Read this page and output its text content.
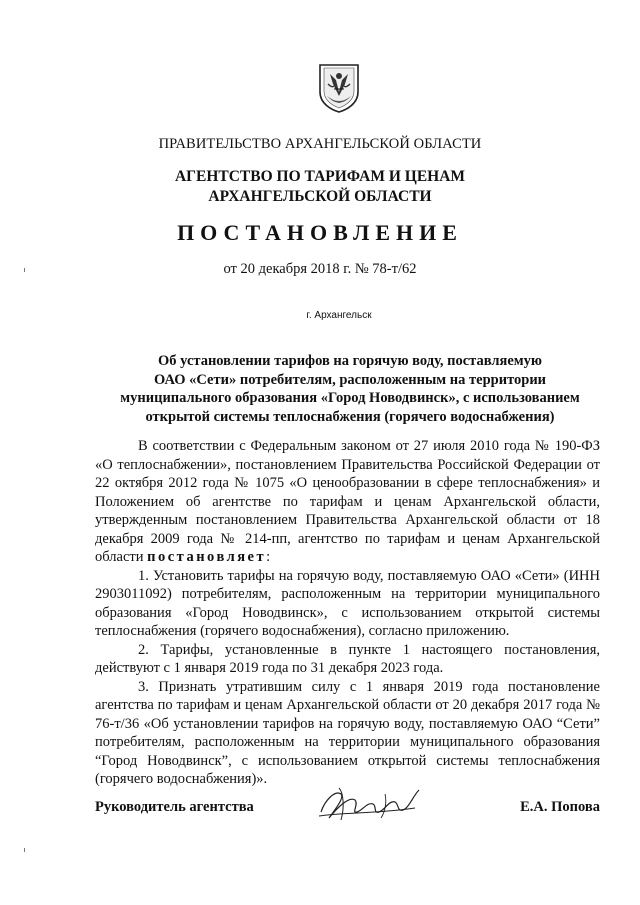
ПРАВИТЕЛЬСТВО АРХАНГЕЛЬСКОЙ ОБЛАСТИ
АГЕНТСТВО ПО ТАРИФАМ И ЦЕНАМ
АРХАНГЕЛЬСКОЙ ОБЛАСТИ
ПОСТАНОВЛЕНИЕ
от 20 декабря 2018 г. № 78-т/62
г. Архангельск
Об установлении тарифов на горячую воду, поставляемую
ОАО «Сети» потребителям, расположенным на территории
муниципального образования «Город Новодвинск», с использованием
открытой системы теплоснабжения (горячего водоснабжения)

В соответствии с Федеральным законом от 27 июля 2010 года № 190-ФЗ «О теплоснабжении», постановлением Правительства Российской Федерации от 22 октября 2012 года № 1075 «О ценообразовании в сфере теплоснабжения» и Положением об агентстве по тарифам и ценам Архангельской области, утвержденным постановлением Правительства Архангельской области от 18 декабря 2009 года № 214-пп, агентство по тарифам и ценам Архангельской области постановляет:

1. Установить тарифы на горячую воду, поставляемую ОАО «Сети» (ИНН 2903011092) потребителям, расположенным на территории муниципального образования «Город Новодвинск», с использованием открытой системы теплоснабжения (горячего водоснабжения), согласно приложению.

2. Тарифы, установленные в пункте 1 настоящего постановления, действуют с 1 января 2019 года по 31 декабря 2023 года.

3. Признать утратившим силу с 1 января 2019 года постановление агентства по тарифам и ценам Архангельской области от 20 декабря 2017 года № 76-т/36 «Об установлении тарифов на горячую воду, поставляемую ОАО “Сети” потребителям, расположенным на территории муниципального образования “Город Новодвинск”, с использованием открытой системы теплоснабжения (горячего водоснабжения)».

Руководитель агентства	Е.А. Попова
